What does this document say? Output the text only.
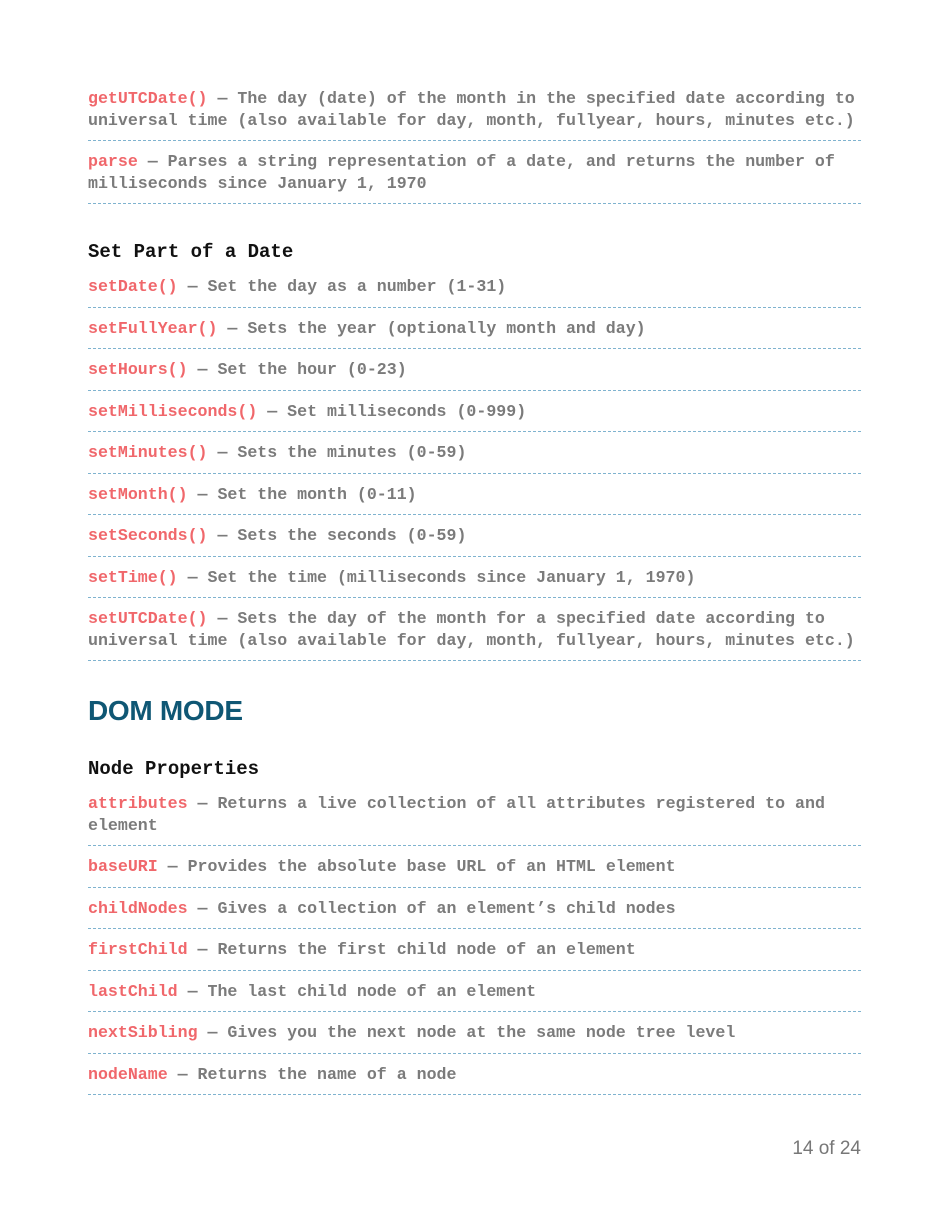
getUTCDate() — The day (date) of the month in the specified date according to universal time (also available for day, month, fullyear, hours, minutes etc.)
parse — Parses a string representation of a date, and returns the number of milliseconds since January 1, 1970
Set Part of a Date
setDate() — Set the day as a number (1-31)
setFullYear() — Sets the year (optionally month and day)
setHours() — Set the hour (0-23)
setMilliseconds() — Set milliseconds (0-999)
setMinutes() — Sets the minutes (0-59)
setMonth() — Set the month (0-11)
setSeconds() — Sets the seconds (0-59)
setTime() — Set the time (milliseconds since January 1, 1970)
setUTCDate() — Sets the day of the month for a specified date according to universal time (also available for day, month, fullyear, hours, minutes etc.)
DOM MODE
Node Properties
attributes — Returns a live collection of all attributes registered to and element
baseURI — Provides the absolute base URL of an HTML element
childNodes — Gives a collection of an element’s child nodes
firstChild — Returns the first child node of an element
lastChild — The last child node of an element
nextSibling — Gives you the next node at the same node tree level
nodeName — Returns the name of a node
14 of 24
